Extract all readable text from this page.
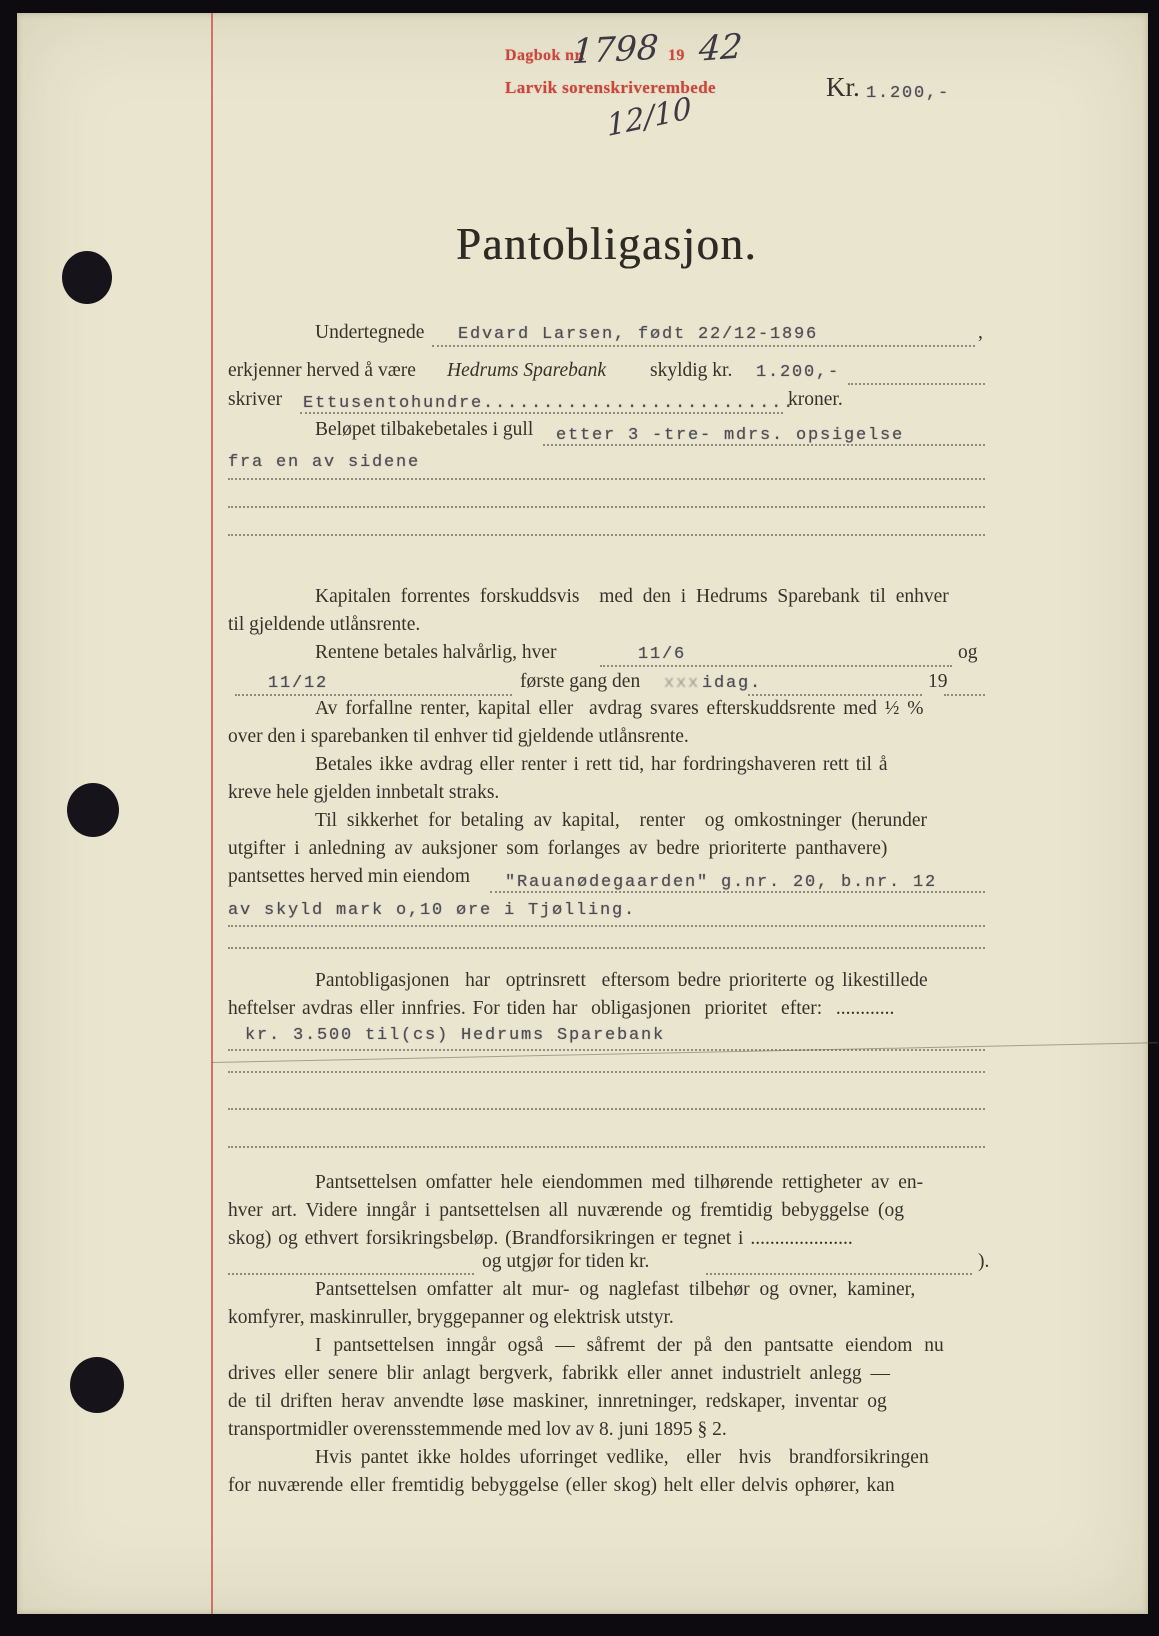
Dagbok nr.
1798 19 42
Larvik sorenskriverembede
12/10
Kr. 1.200,-
Pantobligasjon.
Undertegnede Edvard Larsen, født 22/12-1896	,
erkjenner herved å være Hedrums Sparebank skyldig kr. 1.200,-
skriver Ettusentohundre..........................
kroner.
Beløpet tilbakebetales i gull etter 3 -tre- mdrs. opsigelse
fra en av sidene
Kapitalen forrentes forskuddsvis  med den i Hedrums Sparebank til enhver
til gjeldende utlånsrente.
Rentene betales halvårlig, hver	11/6	og
11/12	første gang den xxx idag.	19
Av forfallne renter, kapital eller  avdrag svares efterskuddsrente med ½ %
over den i sparebanken til enhver tid gjeldende utlånsrente.
Betales ikke avdrag eller renter i rett tid, har fordringshaveren rett til å
kreve hele gjelden innbetalt straks.
Til sikkerhet for betaling av kapital,  renter  og omkostninger (herunder
utgifter i anledning av auksjoner som forlanges av bedre prioriterte panthavere)
pantsettes herved min eiendom "Rauanødegaarden" g.nr. 20, b.nr. 12
av skyld mark o,10 øre i Tjølling.
Pantobligasjonen  har  optrinsrett  eftersom bedre prioriterte og likestillede
heftelser avdras eller innfries. For tiden har  obligasjonen  prioritet  efter:  ............
kr. 3.500 til(cs) Hedrums Sparebank
Pantsettelsen omfatter hele eiendommen med tilhørende rettigheter av en-
hver art. Videre inngår i pantsettelsen all nuværende og fremtidig bebyggelse (og
skog) og ethvert forsikringsbeløp. (Brandforsikringen er tegnet i .....................
og utgjør for tiden kr.	).
Pantsettelsen omfatter alt mur- og naglefast tilbehør og ovner, kaminer,
komfyrer, maskinruller, bryggepanner og elektrisk utstyr.
I pantsettelsen inngår også — såfremt der på den pantsatte eiendom nu
drives eller senere blir anlagt bergverk, fabrikk eller annet industrielt anlegg —
de til driften herav anvendte løse maskiner, innretninger, redskaper, inventar og
transportmidler overensstemmende med lov av 8. juni 1895 § 2.
Hvis pantet ikke holdes uforringet vedlike,  eller  hvis  brandforsikringen
for nuværende eller fremtidig bebyggelse (eller skog) helt eller delvis ophører, kan
